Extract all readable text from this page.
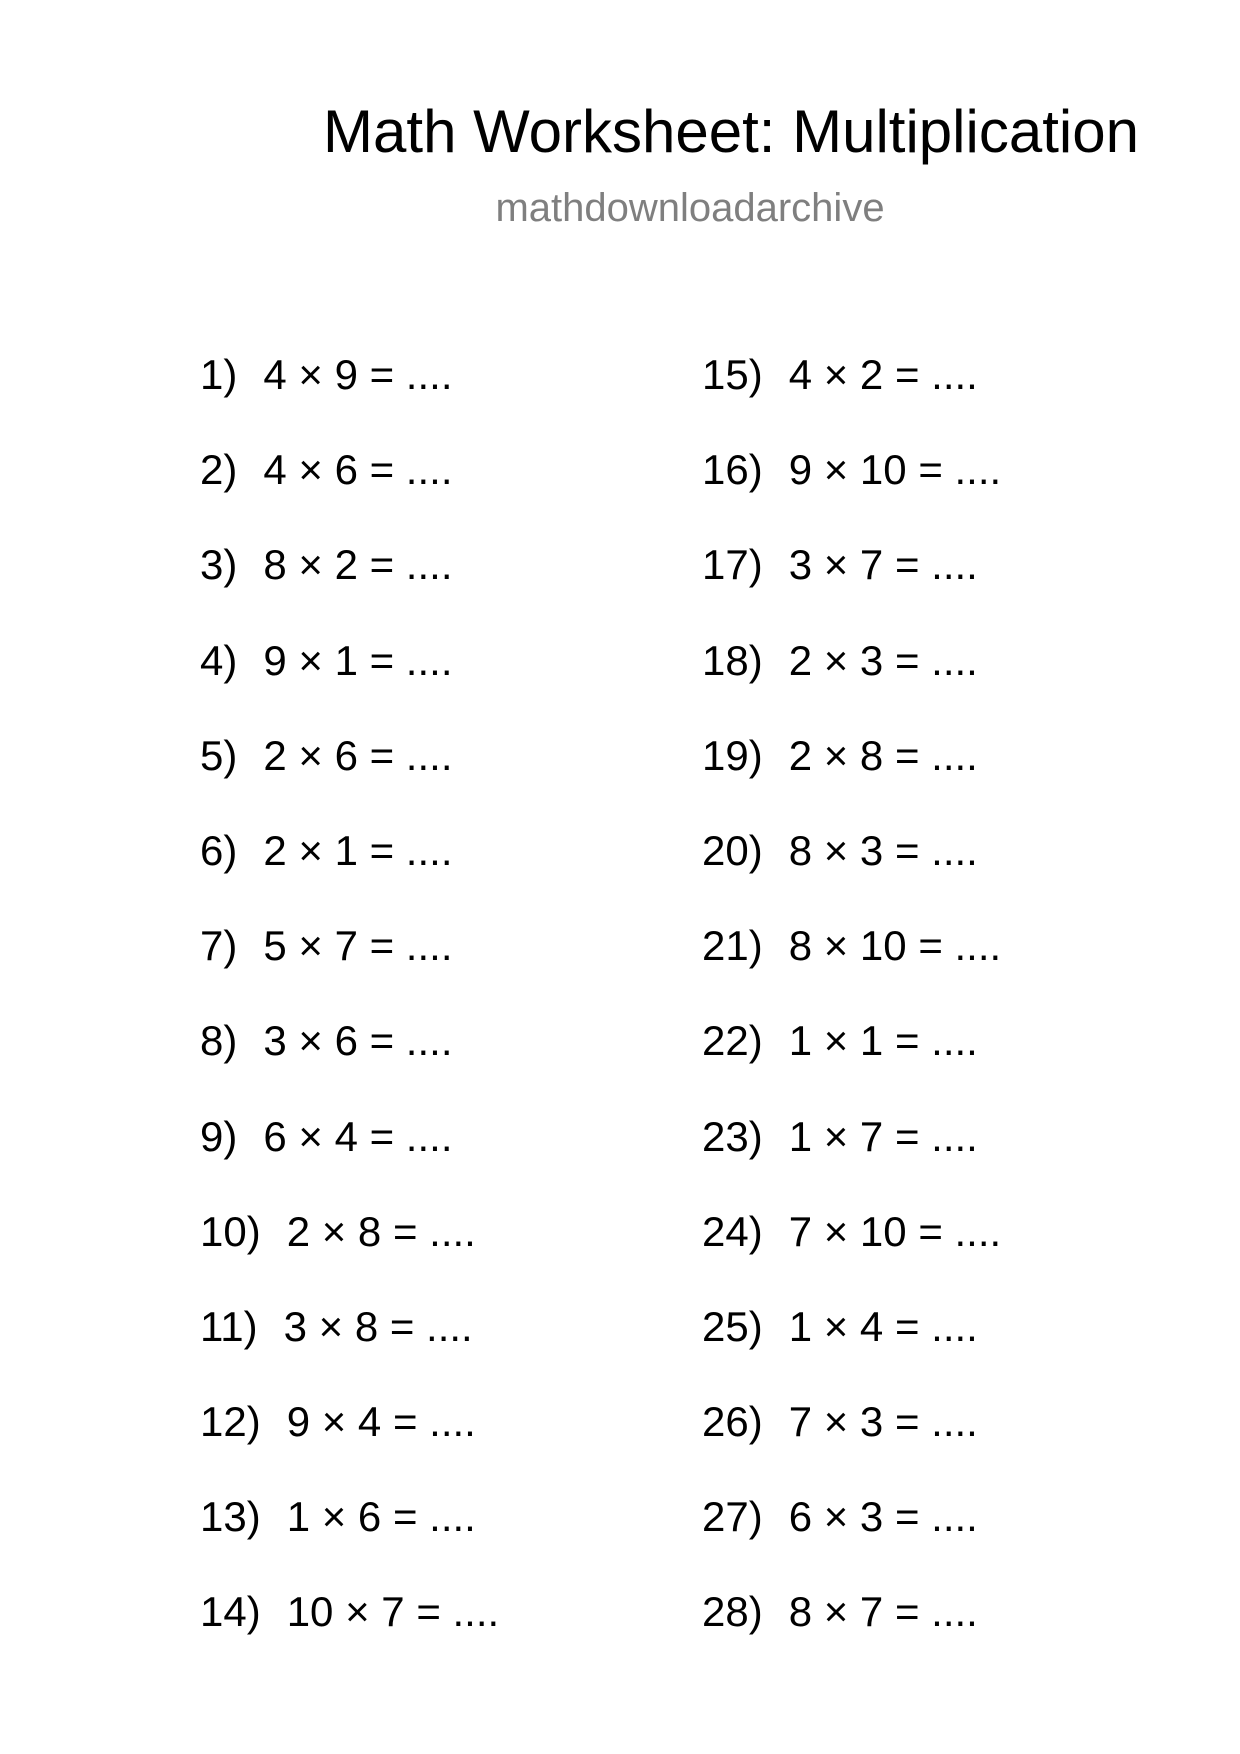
Math Worksheet: Multiplication
mathdownloadarchive
1) 4 × 9 = ....
2) 4 × 6 = ....
3) 8 × 2 = ....
4) 9 × 1 = ....
5) 2 × 6 = ....
6) 2 × 1 = ....
7) 5 × 7 = ....
8) 3 × 6 = ....
9) 6 × 4 = ....
10) 2 × 8 = ....
11) 3 × 8 = ....
12) 9 × 4 = ....
13) 1 × 6 = ....
14) 10 × 7 = ....
15) 4 × 2 = ....
16) 9 × 10 = ....
17) 3 × 7 = ....
18) 2 × 3 = ....
19) 2 × 8 = ....
20) 8 × 3 = ....
21) 8 × 10 = ....
22) 1 × 1 = ....
23) 1 × 7 = ....
24) 7 × 10 = ....
25) 1 × 4 = ....
26) 7 × 3 = ....
27) 6 × 3 = ....
28) 8 × 7 = ....
